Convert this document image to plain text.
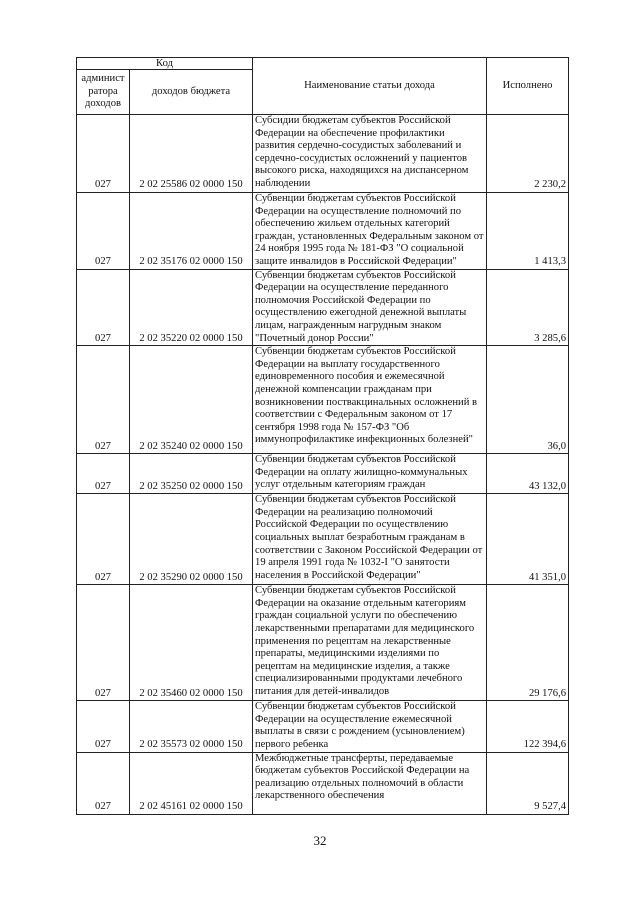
Код		Наименование статьи дохода	Исполнено
админист ратора доходов	доходов бюджета		
027	2 02 25586 02 0000 150	Субсидии бюджетам субъектов Российской Федерации на обеспечение профилактики развития сердечно-сосудистых заболеваний и сердечно-сосудистых осложнений у пациентов высокого риска, находящихся на диспансерном наблюдении	2 230,2
027	2 02 35176 02 0000 150	Субвенции бюджетам субъектов Российской Федерации на осуществление полномочий по обеспечению жильем отдельных категорий граждан, установленных Федеральным законом от 24 ноября 1995 года № 181-ФЗ "О социальной защите инвалидов в Российской Федерации"	1 413,3
027	2 02 35220 02 0000 150	Субвенции бюджетам субъектов Российской Федерации на осуществление переданного полномочия Российской Федерации по осуществлению ежегодной денежной выплаты лицам, награжденным нагрудным знаком "Почетный донор России"	3 285,6
027	2 02 35240 02 0000 150	Субвенции бюджетам субъектов Российской Федерации на выплату государственного единовременного пособия и ежемесячной денежной компенсации гражданам при возникновении поствакцинальных осложнений в соответствии с Федеральным законом от 17 сентября 1998 года № 157-ФЗ "Об иммунопрофилактике инфекционных болезней"	36,0
027	2 02 35250 02 0000 150	Субвенции бюджетам субъектов Российской Федерации на оплату жилищно-коммунальных услуг отдельным категориям граждан	43 132,0
027	2 02 35290 02 0000 150	Субвенции бюджетам субъектов Российской Федерации на реализацию полномочий Российской Федерации по осуществлению социальных выплат безработным гражданам в соответствии с Законом Российской Федерации от 19 апреля 1991 года № 1032-I "О занятости населения в Российской Федерации"	41 351,0
027	2 02 35460 02 0000 150	Субвенции бюджетам субъектов Российской Федерации на оказание отдельным категориям граждан социальной услуги по обеспечению лекарственными препаратами для медицинского применения по рецептам на лекарственные препараты, медицинскими изделиями по рецептам на медицинские изделия, а также специализированными продуктами лечебного питания для детей-инвалидов	29 176,6
027	2 02 35573 02 0000 150	Субвенции бюджетам субъектов Российской Федерации на осуществление ежемесячной выплаты в связи с рождением (усыновлением) первого ребенка	122 394,6
027	2 02 45161 02 0000 150	Межбюджетные трансферты, передаваемые бюджетам субъектов Российской Федерации на реализацию отдельных полномочий в области лекарственного обеспечения	9 527,4
32
